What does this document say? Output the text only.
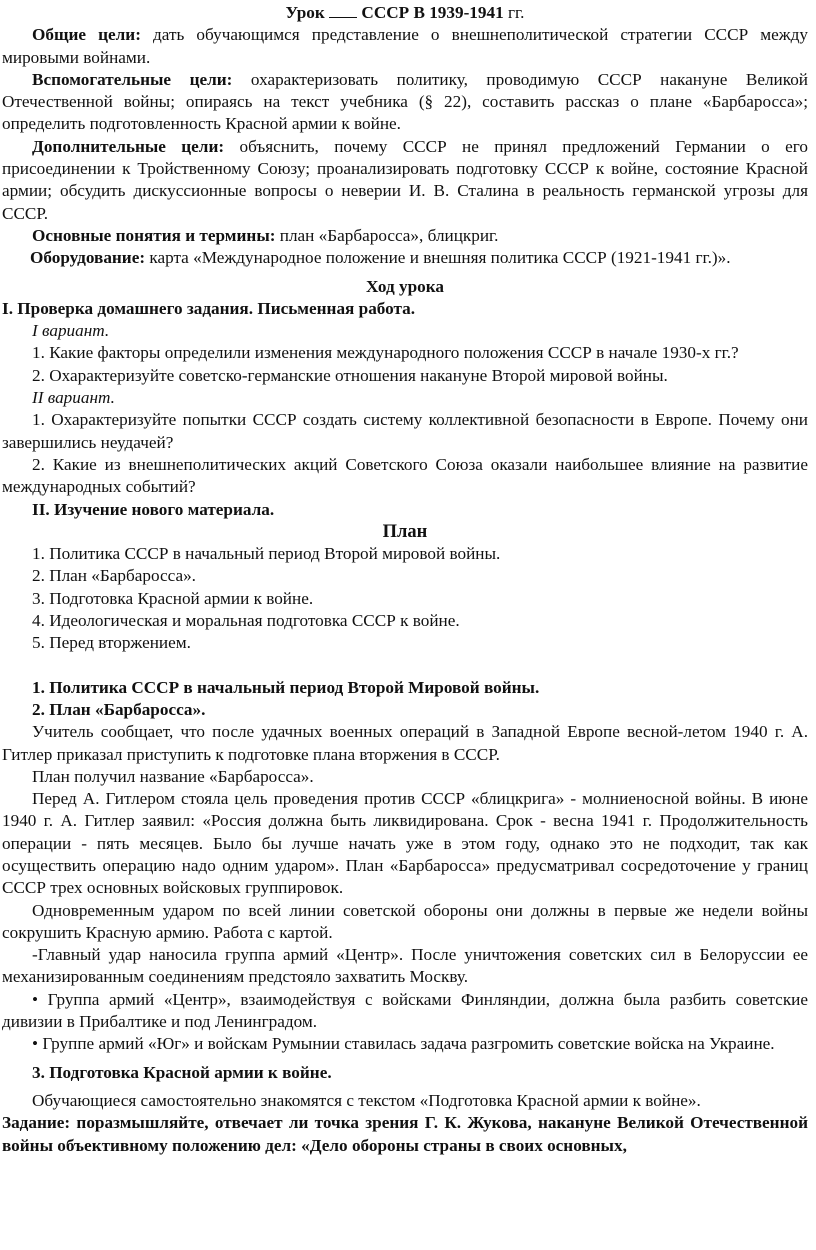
Урок СССР В 1939-1941 гг.

Общие цели: дать обучающимся представление о внешнеполитической стратегии СССР между мировыми войнами.

Вспомогательные цели: охарактеризовать политику, проводимую СССР накануне Великой Отечественной войны; опираясь на текст учебника (§ 22), составить рассказ о плане «Барбаросса»; определить подготовленность Красной армии к войне.

Дополнительные цели: объяснить, почему СССР не принял предложений Германии о его присоединении к Тройственному Союзу; проанализировать подготовку СССР к войне, состояние Красной армии; обсудить дискуссионные вопросы о неверии И. В. Сталина в реальность германской угрозы для СССР.

Основные понятия и термины: план «Барбаросса», блицкриг.

Оборудование: карта «Международное положение и внешняя политика СССР (1921-1941 гг.)».

Ход урока

I. Проверка домашнего задания. Письменная работа.

I вариант.

1. Какие факторы определили изменения международного положения СССР в начале 1930-х гг.?

2. Охарактеризуйте советско-германские отношения накануне Второй мировой войны.

II вариант.

1. Охарактеризуйте попытки СССР создать систему коллективной безопасности в Европе. Почему они завершились неудачей?

2. Какие из внешнеполитических акций Советского Союза оказали наибольшее влияние на развитие международных событий?

II. Изучение нового материала.

План

1. Политика СССР в начальный период Второй мировой войны.

2. План «Барбаросса».

3. Подготовка Красной армии к войне.

4. Идеологическая и моральная подготовка СССР к войне.

5. Перед вторжением.

1. Политика СССР в начальный период Второй Мировой войны.

2. План «Барбаросса».

Учитель сообщает, что после удачных военных операций в Западной Европе весной-летом 1940 г. А. Гитлер приказал приступить к подготовке плана вторжения в СССР.

План получил название «Барбаросса».

Перед А. Гитлером стояла цель проведения против СССР «блицкрига» - молниеносной войны. В июне 1940 г. А. Гитлер заявил: «Россия должна быть ликвидирована. Срок - весна 1941 г. Продолжительность операции - пять месяцев. Было бы лучше начать уже в этом году, однако это не подходит, так как осуществить операцию надо одним ударом». План «Барбаросса» предусматривал сосредоточение у границ СССР трех основных войсковых группировок.

Одновременным ударом по всей линии советской обороны они должны в первые же недели войны сокрушить Красную армию. Работа с картой.

-Главный удар наносила группа армий «Центр». После уничтожения советских сил в Белоруссии ее механизированным соединениям предстояло захватить Москву.

• Группа армий «Центр», взаимодействуя с войсками Финляндии, должна была разбить советские дивизии в Прибалтике и под Ленинградом.

• Группе армий «Юг» и войскам Румынии ставилась задача разгромить советские войска на Украине.

3. Подготовка Красной армии к войне.

Обучающиеся самостоятельно знакомятся с текстом «Подготовка Красной армии к войне».

Задание: поразмышляйте, отвечает ли точка зрения Г. К. Жукова, накануне Великой Отечественной войны объективному положению дел: «Дело обороны страны в своих основных,
